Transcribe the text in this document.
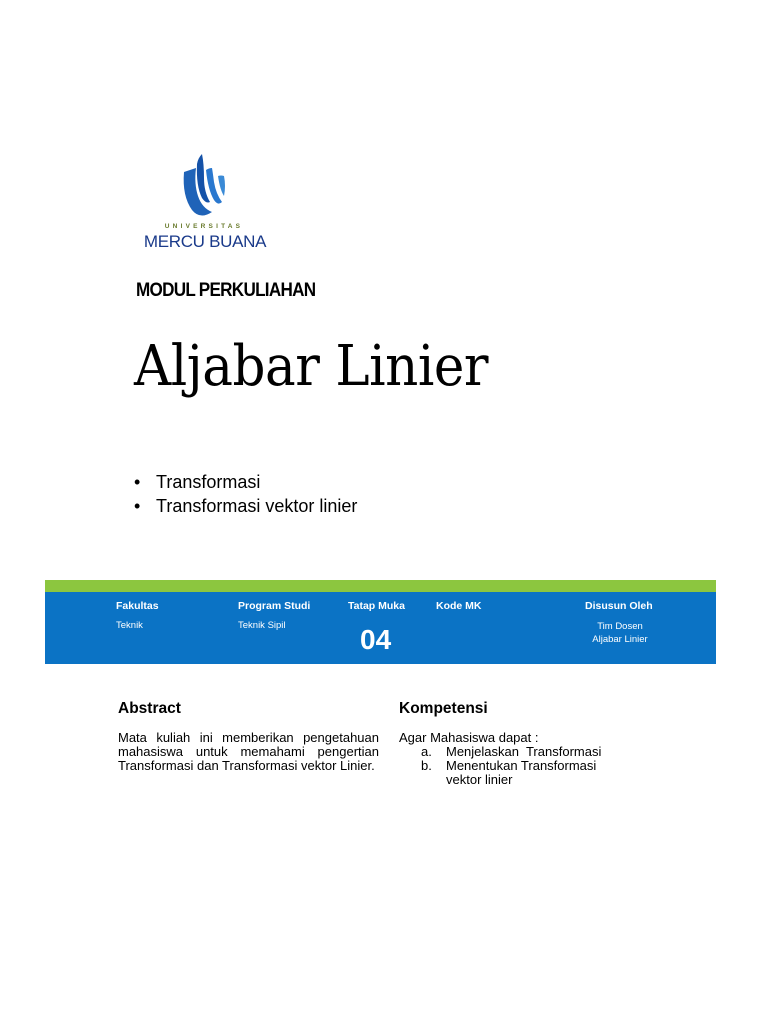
UNIVERSITAS
MERCU BUANA
MODUL PERKULIAHAN
Aljabar Linier
• Transformasi
• Transformasi vektor linier
Fakultas
Teknik
Program Studi
Teknik Sipil
Tatap Muka
04
Kode MK	Disusun Oleh
Tim Dosen
Aljabar Linier
Abstract

Mata kuliah ini memberikan pengetahuan mahasiswa untuk memahami pengertian Transformasi dan Transformasi vektor Linier.

Kompetensi
Agar Mahasiswa dapat :
a. Menjelaskan  Transformasi
b. Menentukan Transformasi vektor linier
